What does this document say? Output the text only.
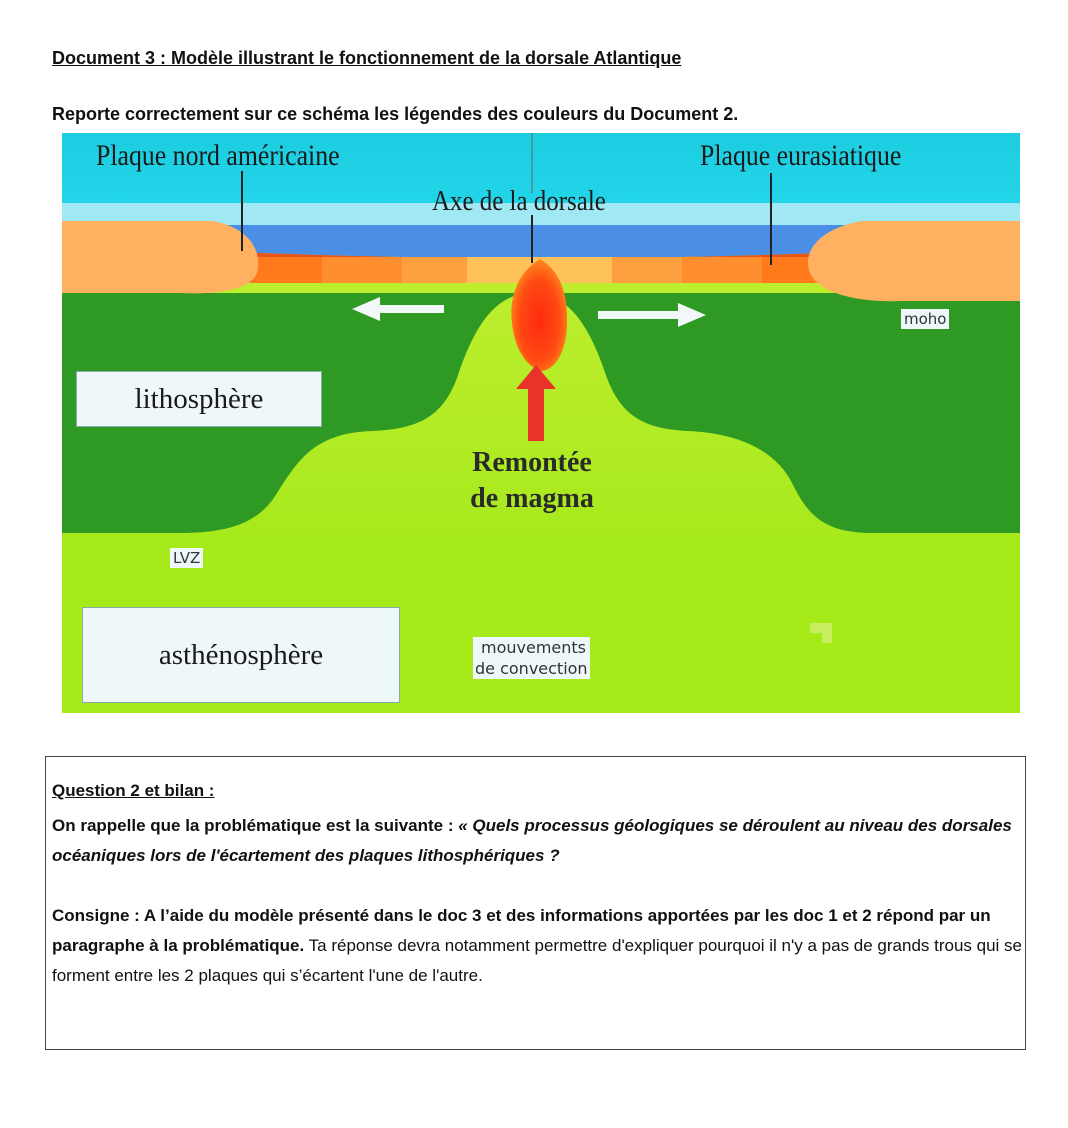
Document 3 : Modèle illustrant le fonctionnement de la dorsale Atlantique
Reporte correctement sur ce schéma les légendes des couleurs du Document 2.
Plaque nord américaine	Plaque eurasiatique
Axe de la dorsale
moho
lithosphère
Remontée
de magma
LVZ
asthénosphère	mouvements
de convection
Question 2 et bilan :
On rappelle que la problématique est la suivante : « Quels processus géologiques se déroulent au niveau des dorsales océaniques lors de l'écartement des plaques lithosphériques ?
Consigne : A l’aide du modèle présenté dans le doc 3 et des informations apportées par les doc 1 et 2 répond par un paragraphe à la problématique. Ta réponse devra notamment permettre d'expliquer pourquoi il n'y a pas de grands trous qui se forment entre les 2 plaques qui s’écartent l'une de l'autre.
